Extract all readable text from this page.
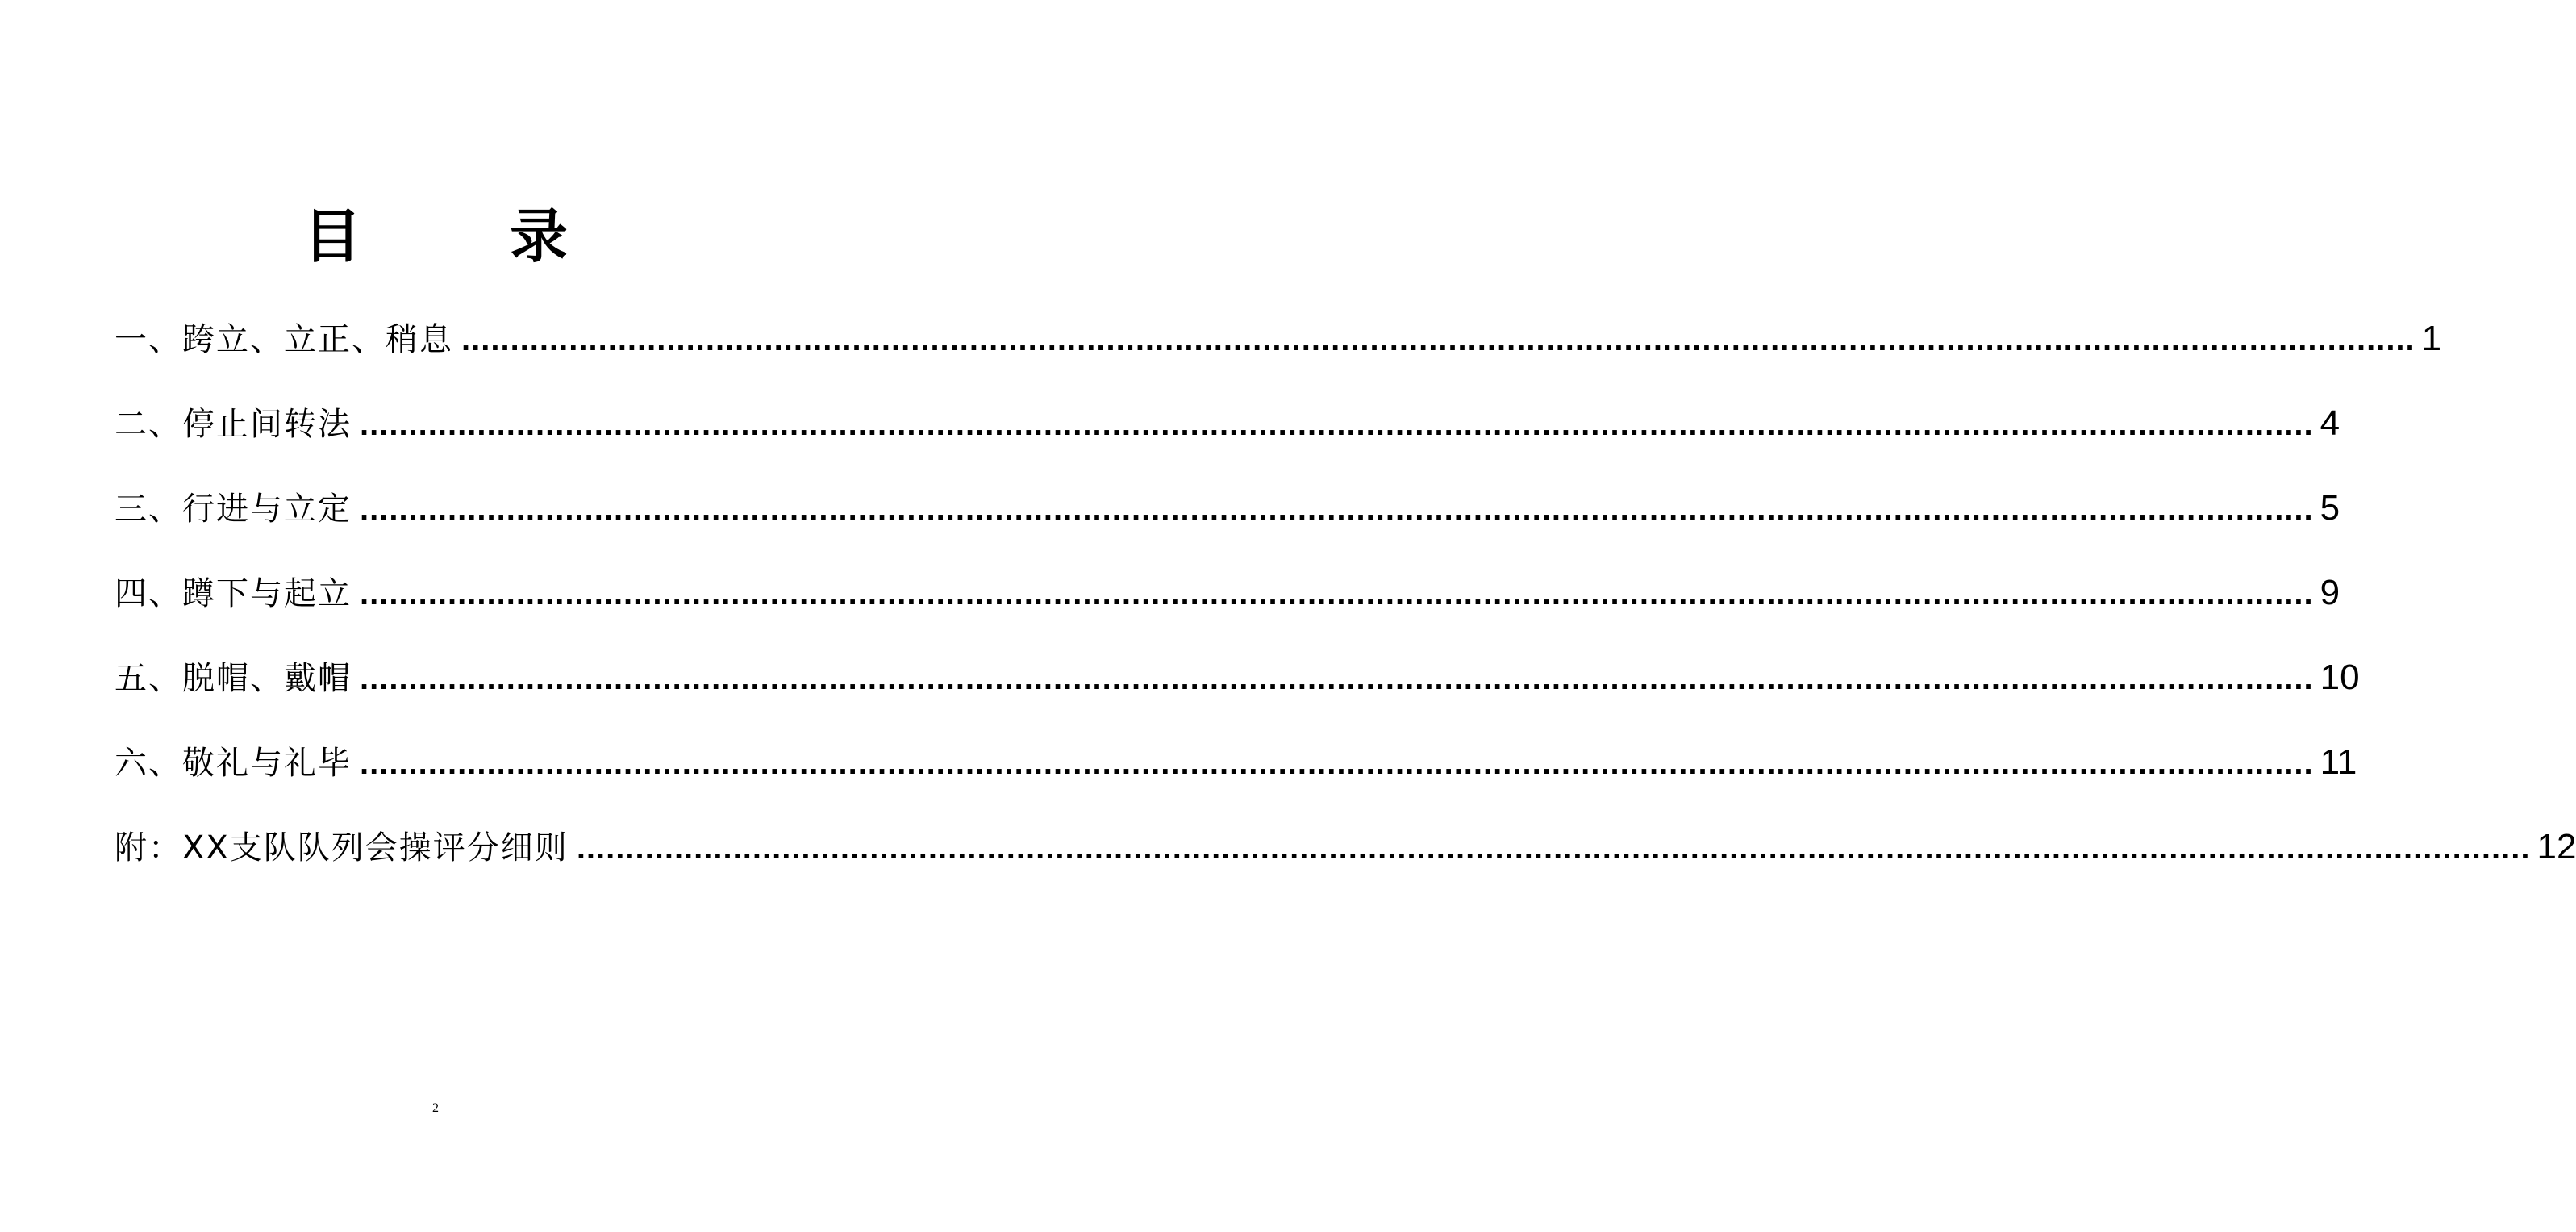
目　录
一、跨立、立正、稍息 ........................................................................................................................................................................................................ 1
二、停止间转法 ........................................................................................................................................................................................................ 4
三、行进与立定 ........................................................................................................................................................................................................ 5
四、蹲下与起立 ........................................................................................................................................................................................................ 9
五、脱帽、戴帽 ........................................................................................................................................................................................................ 10
六、敬礼与礼毕 ........................................................................................................................................................................................................ 11
附：XX支队队列会操评分细则 ........................................................................................................................................................................................................ 12
2
